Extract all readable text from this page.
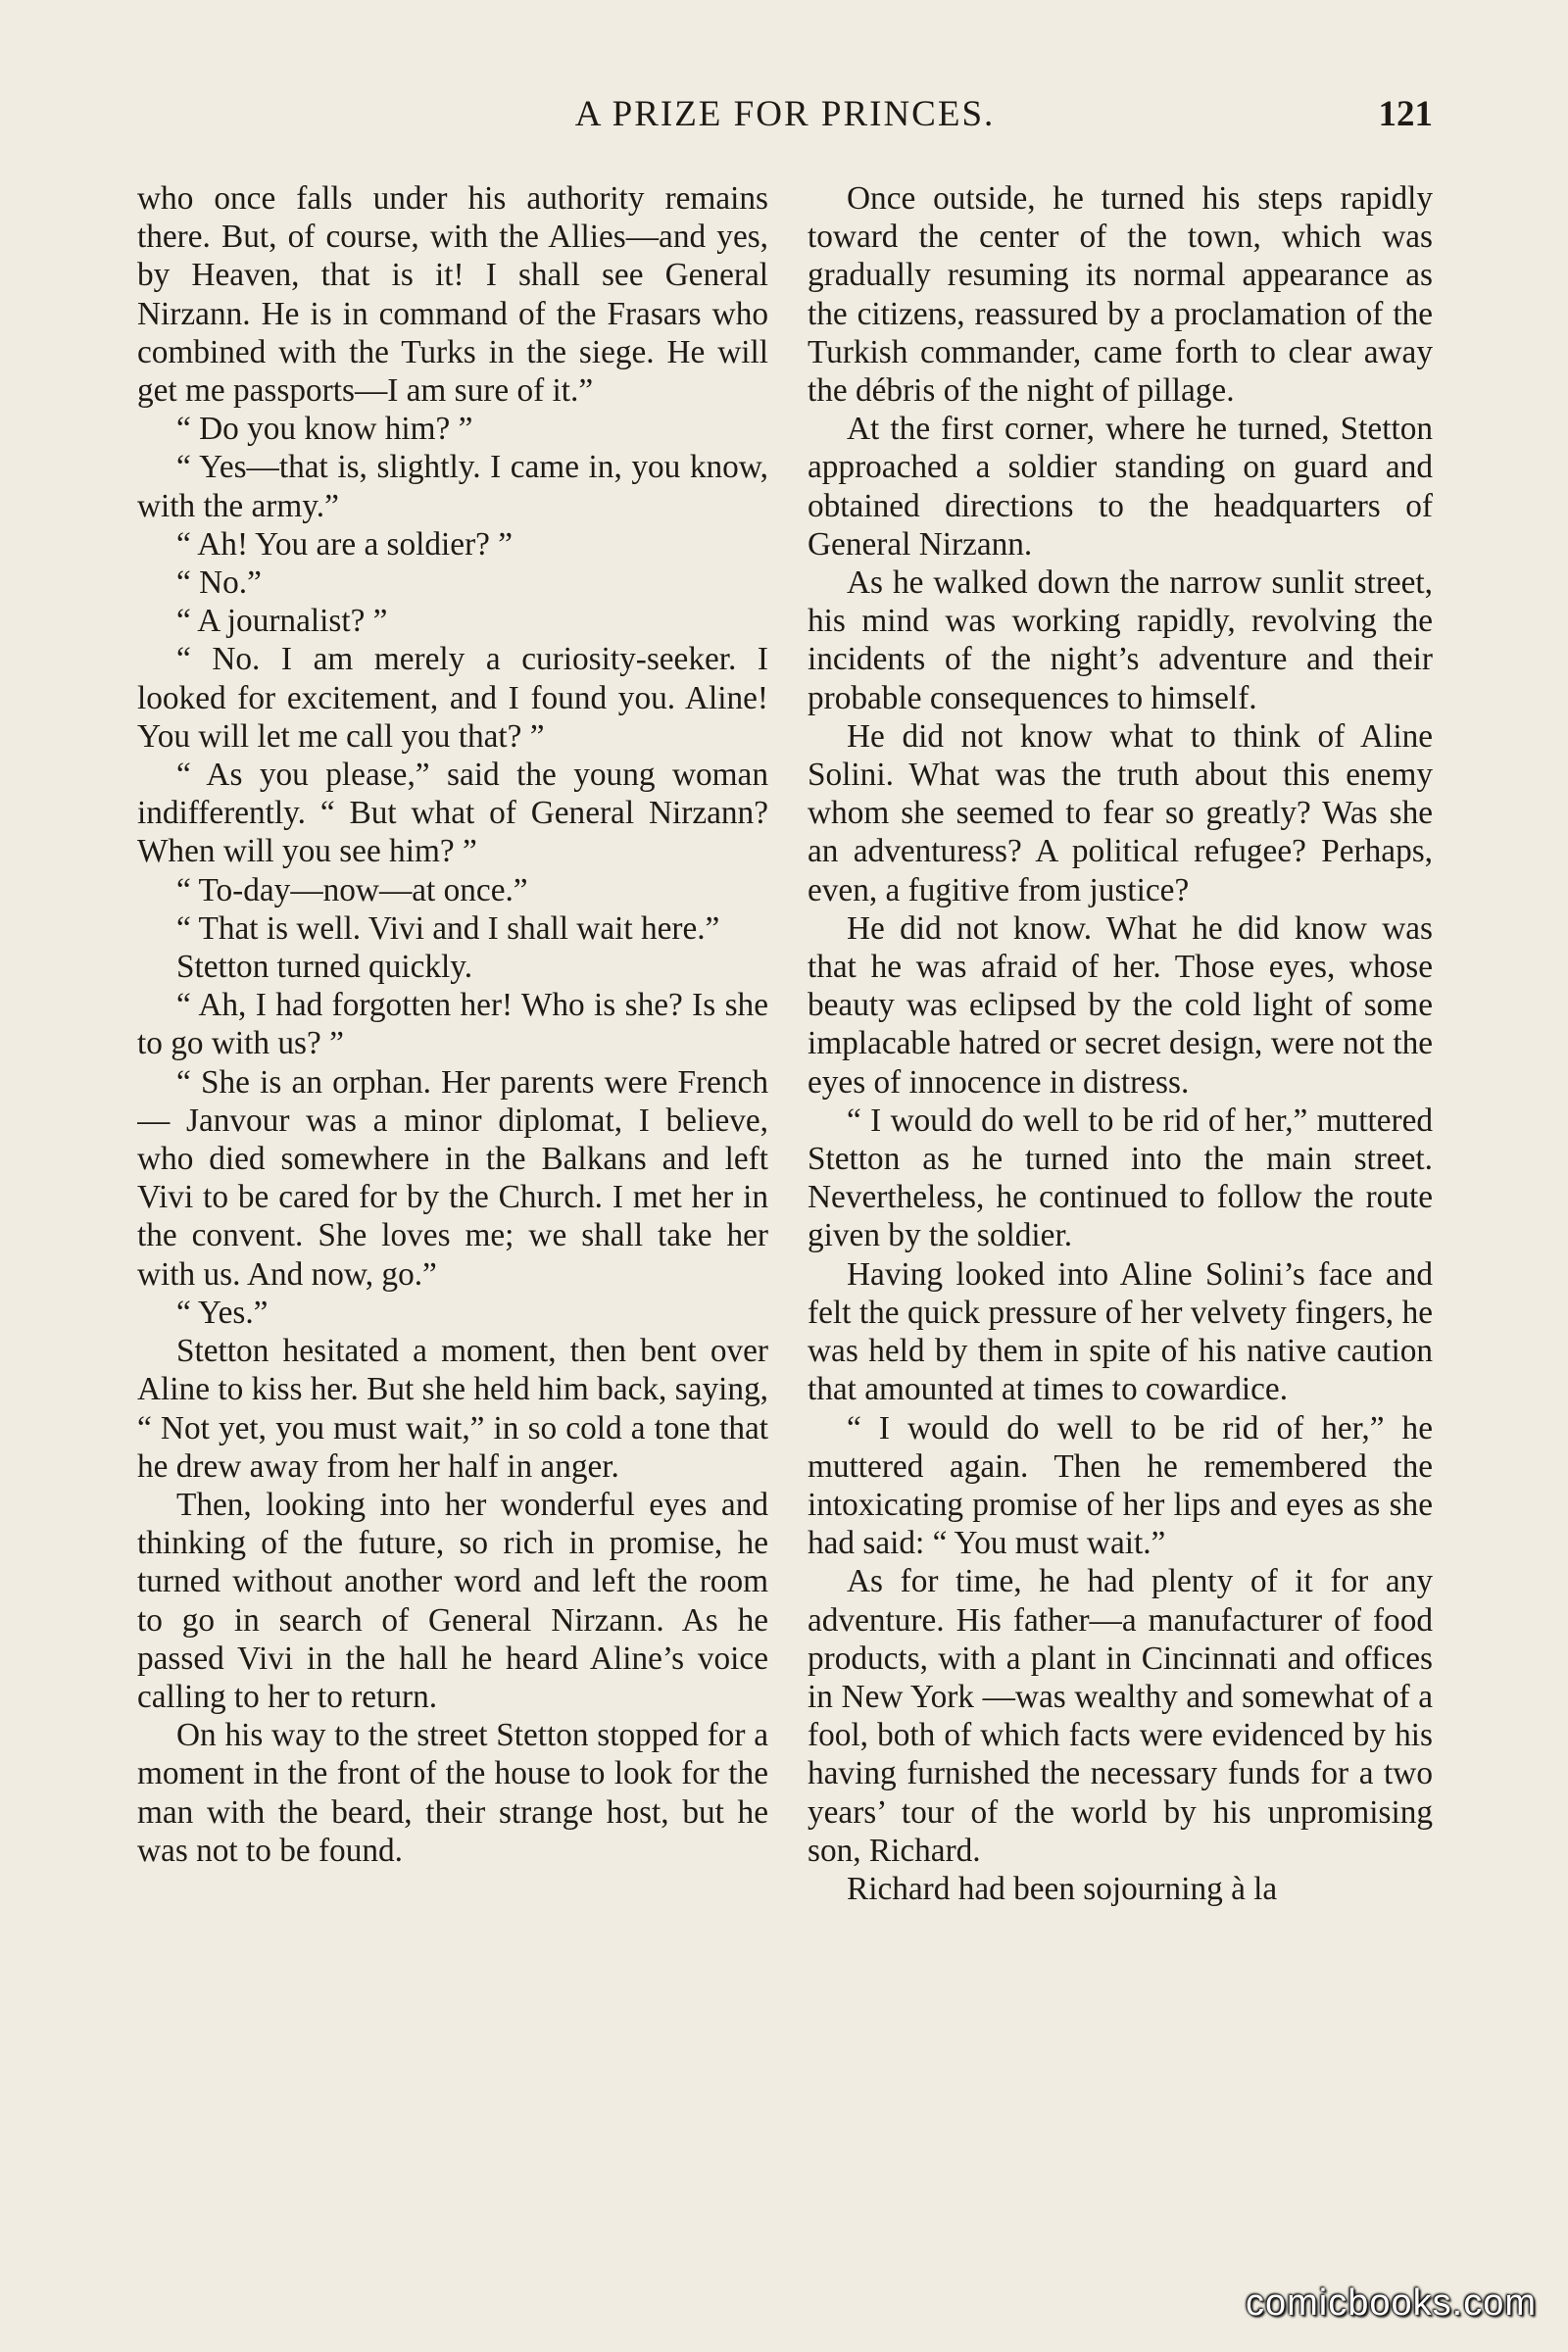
A PRIZE FOR PRINCES.	121

who once falls under his authority remains there. But, of course, with the Allies—and yes, by Heaven, that is it! I shall see General Nirzann. He is in command of the Frasars who combined with the Turks in the siege. He will get me passports—I am sure of it.”

“ Do you know him? ”

“ Yes—that is, slightly. I came in, you know, with the army.”

“ Ah! You are a soldier? ”

“ No.”

“ A journalist? ”

“ No. I am merely a curiosity-seeker. I looked for excitement, and I found you. Aline! You will let me call you that? ”

“ As you please,” said the young woman indifferently. “ But what of General Nirzann? When will you see him? ”

“ To-day—now—at once.”

“ That is well. Vivi and I shall wait here.”

Stetton turned quickly.

“ Ah, I had forgotten her! Who is she? Is she to go with us? ”

“ She is an orphan. Her parents were French — Janvour was a minor diplomat, I believe, who died somewhere in the Balkans and left Vivi to be cared for by the Church. I met her in the convent. She loves me; we shall take her with us. And now, go.”

“ Yes.”

Stetton hesitated a moment, then bent over Aline to kiss her. But she held him back, saying, “ Not yet, you must wait,” in so cold a tone that he drew away from her half in anger.

Then, looking into her wonderful eyes and thinking of the future, so rich in promise, he turned without another word and left the room to go in search of General Nirzann. As he passed Vivi in the hall he heard Aline’s voice calling to her to return.

On his way to the street Stetton stopped for a moment in the front of the house to look for the man with the beard, their strange host, but he was not to be found.

Once outside, he turned his steps rapidly toward the center of the town, which was gradually resuming its normal appearance as the citizens, reassured by a proclamation of the Turkish commander, came forth to clear away the débris of the night of pillage.

At the first corner, where he turned, Stetton approached a soldier standing on guard and obtained directions to the headquarters of General Nirzann.

As he walked down the narrow sunlit street, his mind was working rapidly, revolving the incidents of the night’s adventure and their probable consequences to himself.

He did not know what to think of Aline Solini. What was the truth about this enemy whom she seemed to fear so greatly? Was she an adventuress? A political refugee? Perhaps, even, a fugitive from justice?

He did not know. What he did know was that he was afraid of her. Those eyes, whose beauty was eclipsed by the cold light of some implacable hatred or secret design, were not the eyes of innocence in distress.

“ I would do well to be rid of her,” muttered Stetton as he turned into the main street. Nevertheless, he continued to follow the route given by the soldier.

Having looked into Aline Solini’s face and felt the quick pressure of her velvety fingers, he was held by them in spite of his native caution that amounted at times to cowardice.

“ I would do well to be rid of her,” he muttered again. Then he remembered the intoxicating promise of her lips and eyes as she had said: “ You must wait.”

As for time, he had plenty of it for any adventure. His father—a manufacturer of food products, with a plant in Cincinnati and offices in New York —was wealthy and somewhat of a fool, both of which facts were evidenced by his having furnished the necessary funds for a two years’ tour of the world by his unpromising son, Richard.

Richard had been sojourning à la

comicbooks.com
